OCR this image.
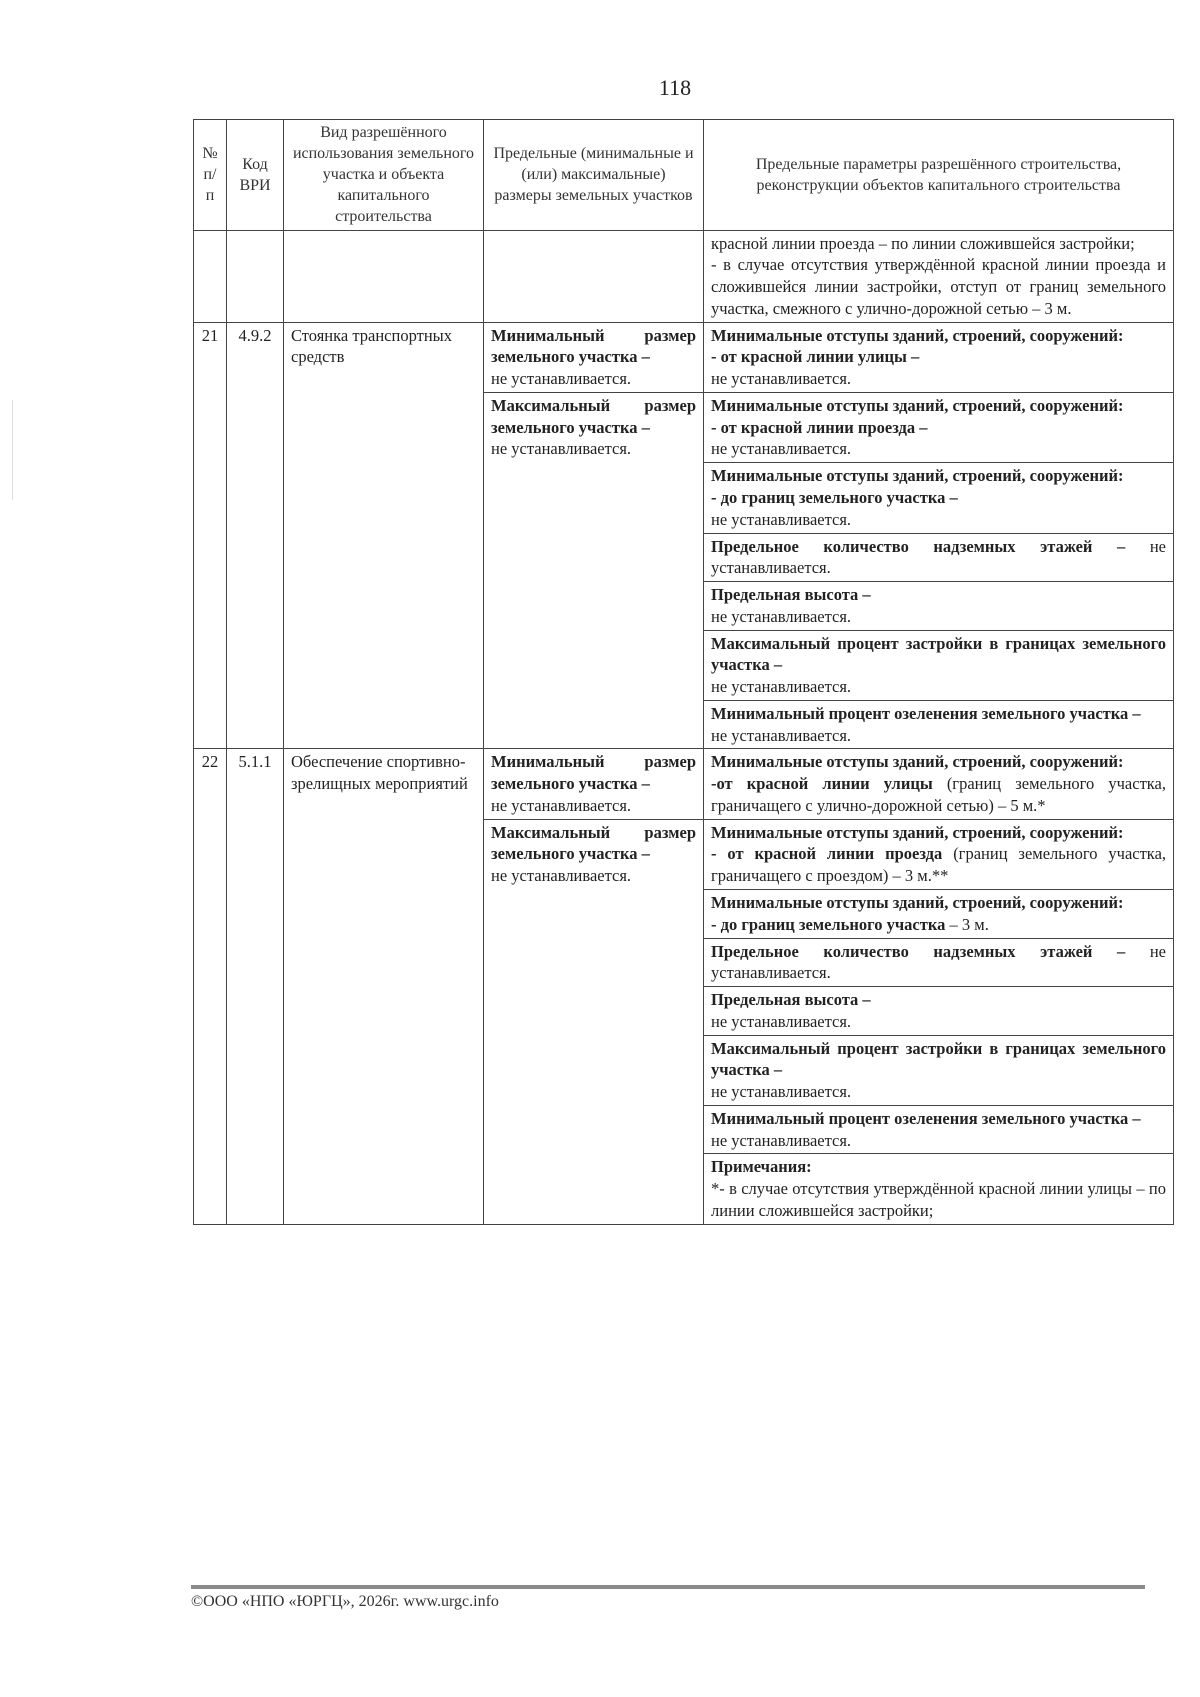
118
№ п/п	Код ВРИ	Вид разрешённого использования земельного участка и объекта капитального строительства	Предельные (минимальные и (или) максимальные) размеры земельных участков	Предельные параметры разрешённого строительства, реконструкции объектов капитального строительства
				красной линии проезда – по линии сложившейся застройки;
- в случае отсутствия утверждённой красной линии проезда и сложившейся линии застройки, отступ от границ земельного участка, смежного с улично-дорожной сетью – 3 м.
21	4.9.2	Стоянка транспортных средств	Минимальный размер земельного участка –
не устанавливается.	Минимальные отступы зданий, строений, сооружений:
- от красной линии улицы –
не устанавливается.
			Максимальный размер земельного участка –
не устанавливается.	Минимальные отступы зданий, строений, сооружений:
- от красной линии проезда –
не устанавливается.
				Минимальные отступы зданий, строений, сооружений:
- до границ земельного участка –
не устанавливается.
				Предельное количество надземных этажей – не устанавливается.
				Предельная высота –
не устанавливается.
				Максимальный процент застройки в границах земельного участка –
не устанавливается.
				Минимальный процент озеленения земельного участка –
не устанавливается.
22	5.1.1	Обеспечение спортивно-зрелищных мероприятий	Минимальный размер земельного участка –
не устанавливается.	Минимальные отступы зданий, строений, сооружений:
-от красной линии улицы (границ земельного участка, граничащего с улично-дорожной сетью) – 5 м.*
			Максимальный размер земельного участка –
не устанавливается.	Минимальные отступы зданий, строений, сооружений:
- от красной линии проезда (границ земельного участка, граничащего с проездом) – 3 м.**
				Минимальные отступы зданий, строений, сооружений:
- до границ земельного участка – 3 м.
				Предельное количество надземных этажей – не устанавливается.
				Предельная высота –
не устанавливается.
				Максимальный процент застройки в границах земельного участка –
не устанавливается.
				Минимальный процент озеленения земельного участка –
не устанавливается.
				Примечания:
*- в случае отсутствия утверждённой красной линии улицы – по линии сложившейся застройки;
©ООО «НПО «ЮРГЦ», 2026г. www.urgc.info
